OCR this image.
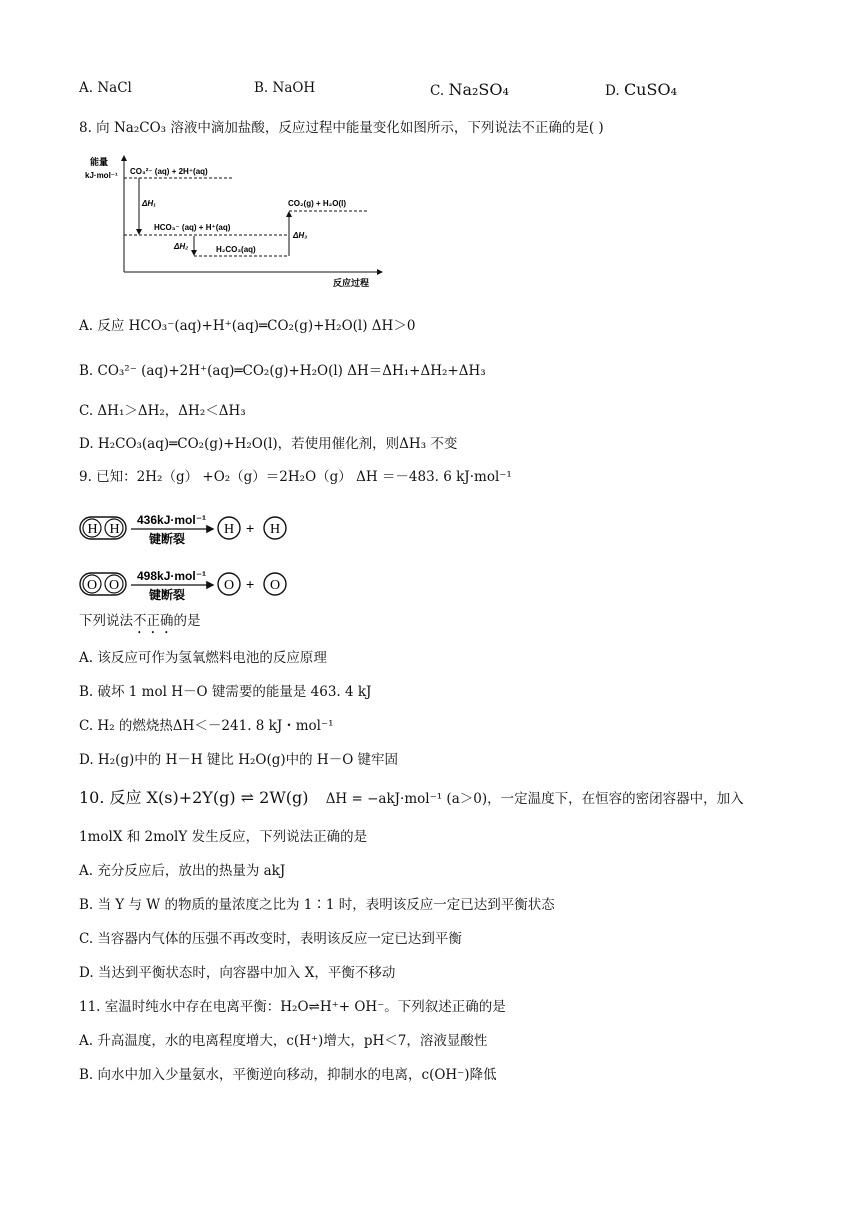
A. NaCl	B. NaOH	C. Na₂SO₄	D. CuSO₄
8. 向 Na₂CO₃ 溶液中滴加盐酸，反应过程中能量变化如图所示，下列说法不正确的是( )
能量
kJ·mol⁻¹
反应过程
CO₃²⁻ (aq) + 2H⁺(aq)
HCO₃⁻ (aq) + H⁺(aq)
H₂CO₃(aq)
CO₂(g) + H₂O(l)
ΔH₁
ΔH₂
ΔH₃
A. 反应 HCO₃⁻(aq)+H⁺(aq)═CO₂(g)+H₂O(l) ΔH＞0
B. CO₃²⁻ (aq)+2H⁺(aq)═CO₂(g)+H₂O(l) ΔH＝ΔH₁+ΔH₂+ΔH₃
C. ΔH₁＞ΔH₂，ΔH₂＜ΔH₃
D. H₂CO₃(aq)═CO₂(g)+H₂O(l)，若使用催化剂，则ΔH₃ 不变
9. 已知：2H₂（g） +O₂（g）＝2H₂O（g） ΔH ＝－483. 6 kJ·mol⁻¹
H H
436kJ·mol⁻¹
键断裂
H + H
O O
498kJ·mol⁻¹
键断裂
O + O
下列说法不正确的是
A. 该反应可作为氢氧燃料电池的反应原理
B. 破坏 1 mol H－O 键需要的能量是 463. 4 kJ
C. H₂ 的燃烧热ΔH＜－241. 8 kJ・mol⁻¹
D. H₂(g)中的 H－H 键比 H₂O(g)中的 H－O 键牢固
10. 反应 X(s)+2Y(g) ⇌ 2W(g) ΔH = −akJ·mol⁻¹ (a＞0)，一定温度下，在恒容的密闭容器中，加入
1molX 和 2molY 发生反应，下列说法正确的是
A. 充分反应后，放出的热量为 akJ
B. 当 Y 与 W 的物质的量浓度之比为 1∶1 时，表明该反应一定已达到平衡状态
C. 当容器内气体的压强不再改变时，表明该反应一定已达到平衡
D. 当达到平衡状态时，向容器中加入 X，平衡不移动
11. 室温时纯水中存在电离平衡：H₂O⇌H⁺+ OH⁻。下列叙述正确的是
A. 升高温度，水的电离程度增大，c(H⁺)增大，pH＜7，溶液显酸性
B. 向水中加入少量氨水，平衡逆向移动，抑制水的电离，c(OH⁻)降低
